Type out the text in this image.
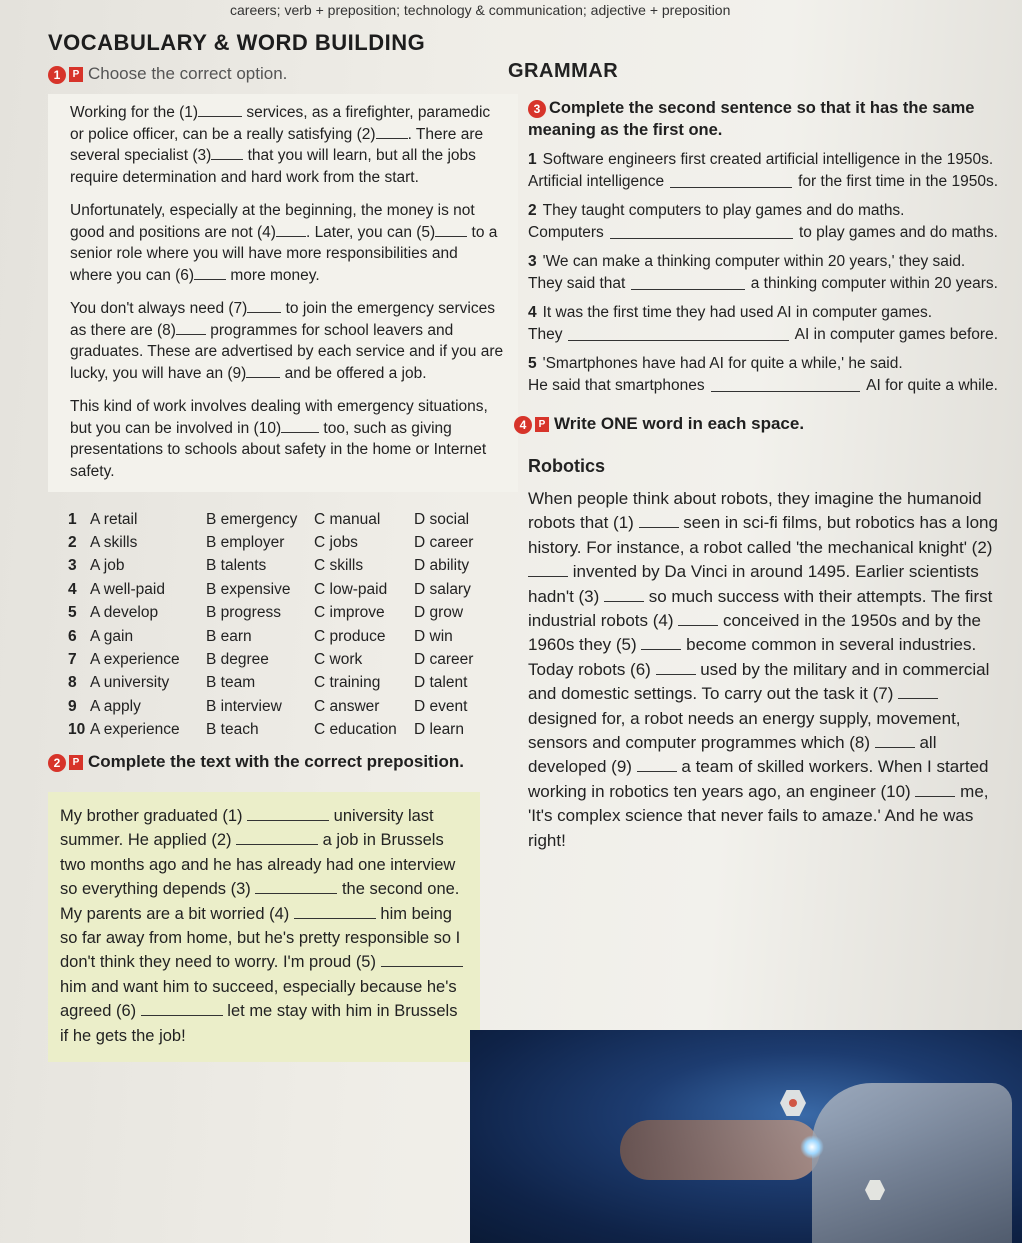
careers; verb + preposition; technology & communication; adjective + preposition
VOCABULARY & WORD BUILDING
1 P Choose the correct option.

Working for the (1)	services, as a firefighter, paramedic or police officer, can be a really satisfying (2) . There are several specialist (3) that you will learn, but all the jobs require determination and hard work from the start.

Unfortunately, especially at the beginning, the money is not good and positions are not (4) . Later, you can (5) to a senior role where you will have more responsibilities and where you can (6) more money.

You don't always need (7) to join the emergency services as there are (8) programmes for school leavers and graduates. These are advertised by each service and if you are lucky, you will have an (9) and be offered a job.

This kind of work involves dealing with emergency situations, but you can be involved in (10) too, such as giving presentations to schools about safety in the home or Internet safety.

1 A retail	B emergency	C manual	D social
2 A skills	B employer	C jobs	D career
3 A job	B talents	C skills	D ability
4 A well-paid	B expensive	C low-paid	D salary
5 A develop	B progress	C improve	D grow
6 A gain	B earn	C produce	D win
7 A experience	B degree	C work	D career
8 A university	B team	C training	D talent
9 A apply	B interview	C answer	D event
10 A experience	B teach	C education	D learn
2 P Complete the text with the correct preposition.
My brother graduated (1)	university last summer. He applied (2)	a job in Brussels two months ago and he has already had one interview so everything depends (3)	the second one. My parents are a bit worried (4)	him being so far away from home, but he's pretty responsible so I don't think they need to worry. I'm proud (5)  him and want him to succeed, especially because he's agreed (6)	let me stay with him in Brussels if he gets the job!
GRAMMAR
3 Complete the second sentence so that it has the same meaning as the first one.
1 Software engineers first created artificial intelligence in the 1950s.
Artificial intelligence	for the first time in the 1950s.
2 They taught computers to play games and do maths.
Computers	to play games and do maths.
3 'We can make a thinking computer within 20 years,' they said.
They said that	a thinking computer within 20 years.
4 It was the first time they had used AI in computer games.
They	AI in computer games before.
5 'Smartphones have had AI for quite a while,' he said.
He said that smartphones	AI for quite a while.
4 P Write ONE word in each space.
Robotics
When people think about robots, they imagine the humanoid robots that (1)  seen in sci-fi films, but robotics has a long history. For instance, a robot called 'the mechanical knight' (2)  invented by Da Vinci in around 1495. Earlier scientists hadn't (3)  so much success with their attempts. The first industrial robots (4)  conceived in the 1950s and by the 1960s they (5)  become common in several industries. Today robots (6)  used by the military and in commercial and domestic settings. To carry out the task it (7)  designed for, a robot needs an energy supply, movement, sensors and computer programmes which (8)  all developed (9)  a team of skilled workers. When I started working in robotics ten years ago, an engineer (10)  me, 'It's complex science that never fails to amaze.' And he was right!
